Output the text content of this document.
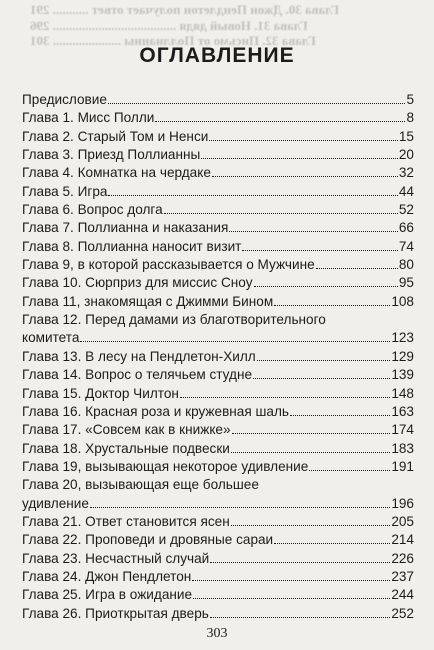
Глава 30. Джон Пендлетон получает ответ ........... 291
Глава 31. Новый дядя ...................................... 296
Глава 32. Письмо от Поллианны ..................... 301
ОГЛАВЛЕНИЕ
Предисловие	5
Глава 1. Мисс Полли	8
Глава 2. Старый Том и Ненси	15
Глава 3. Приезд Поллианны	20
Глава 4. Комнатка на чердаке	32
Глава 5. Игра	44
Глава 6. Вопрос долга	52
Глава 7. Поллианна и наказания	66
Глава 8. Поллианна наносит визит	74
Глава 9, в которой рассказывается о Мужчине	80
Глава 10. Сюрприз для миссис Сноу	95
Глава 11, знакомящая с Джимми Бином	108
Глава 12. Перед дамами из благотворительного
комитета	123
Глава 13. В лесу на Пендлетон-Хилл	129
Глава 14. Вопрос о телячьем студне	139
Глава 15. Доктор Чилтон	148
Глава 16. Красная роза и кружевная шаль	163
Глава 17. «Совсем как в книжке»	174
Глава 18. Хрустальные подвески	183
Глава 19, вызывающая некоторое удивление	191
Глава 20, вызывающая еще большее
удивление	196
Глава 21. Ответ становится ясен	205
Глава 22. Проповеди и дровяные сараи	214
Глава 23. Несчастный случай	226
Глава 24. Джон Пендлетон	237
Глава 25. Игра в ожидание	244
Глава 26. Приоткрытая дверь	252
303
